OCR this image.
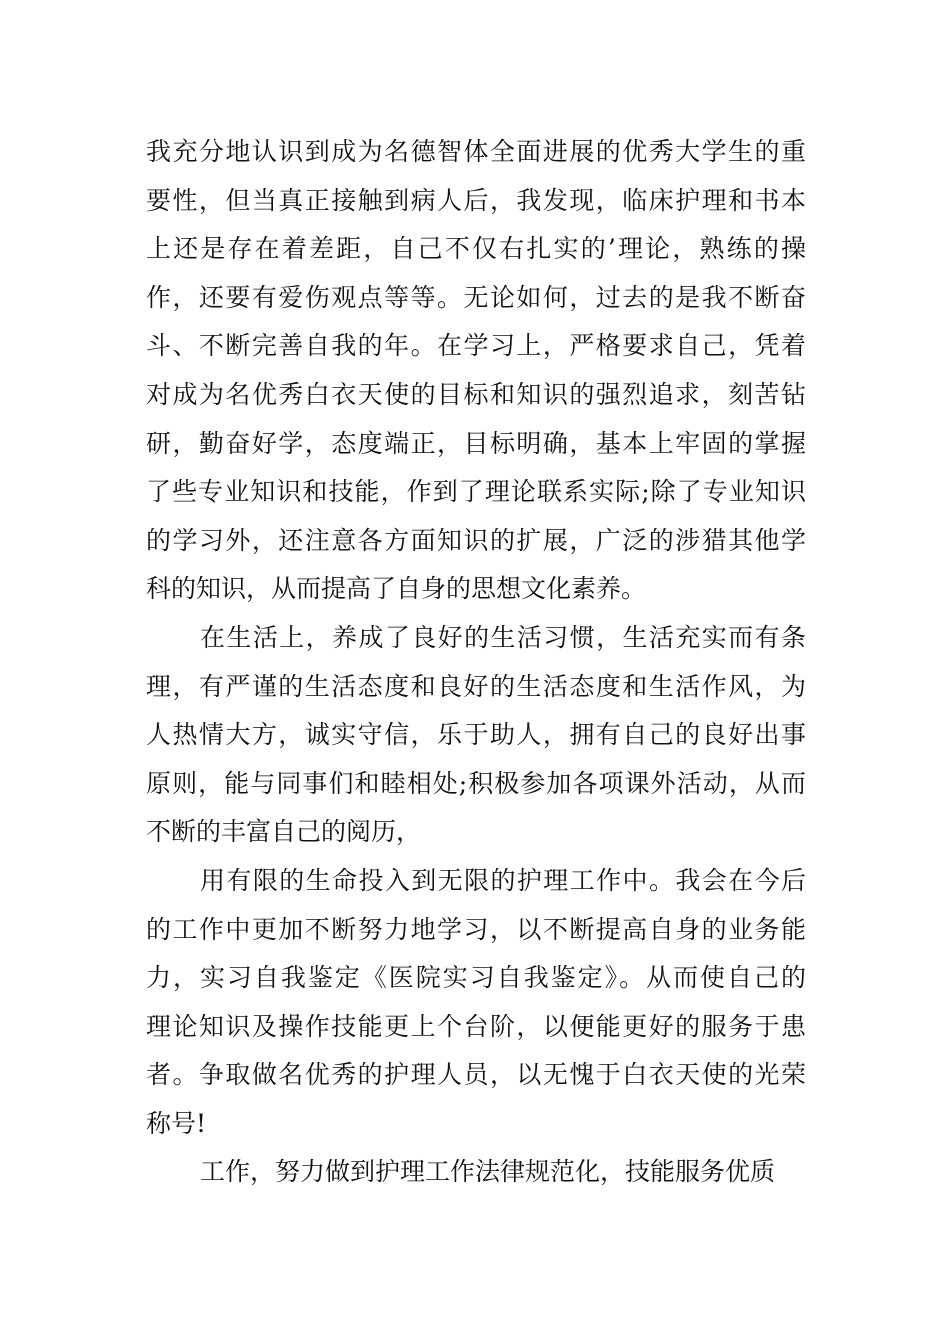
我充分地认识到成为名德智体全面进展的优秀大学生的重
要性，但当真正接触到病人后，我发现，临床护理和书本
上还是存在着差距，自己不仅右扎实的’理论，熟练的操
作，还要有爱伤观点等等。无论如何，过去的是我不断奋
斗、不断完善自我的年。在学习上，严格要求自己，凭着
对成为名优秀白衣天使的目标和知识的强烈追求，刻苦钻
研，勤奋好学，态度端正，目标明确，基本上牢固的掌握
了些专业知识和技能，作到了理论联系实际;除了专业知识
的学习外，还注意各方面知识的扩展，广泛的涉猎其他学
科的知识，从而提高了自身的思想文化素养。
在生活上，养成了良好的生活习惯，生活充实而有条
理，有严谨的生活态度和良好的生活态度和生活作风，为
人热情大方，诚实守信，乐于助人，拥有自己的良好出事
原则，能与同事们和睦相处;积极参加各项课外活动，从而
不断的丰富自己的阅历，
用有限的生命投入到无限的护理工作中。我会在今后
的工作中更加不断努力地学习，以不断提高自身的业务能
力，实习自我鉴定《医院实习自我鉴定》。从而使自己的
理论知识及操作技能更上个台阶，以便能更好的服务于患
者。争取做名优秀的护理人员，以无愧于白衣天使的光荣
称号!
工作，努力做到护理工作法律规范化，技能服务优质
